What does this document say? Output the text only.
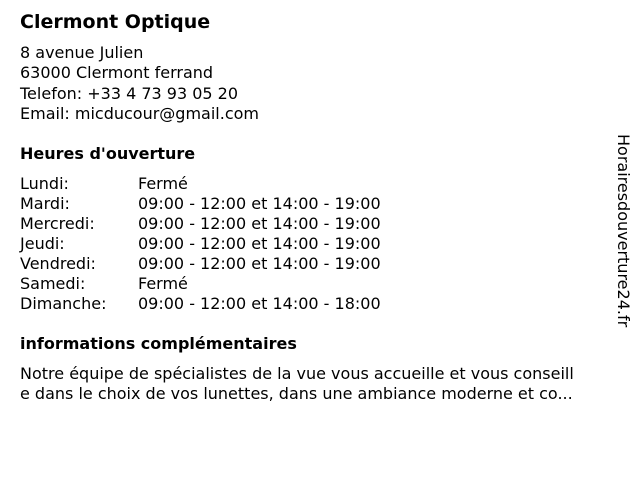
Clermont Optique
8 avenue Julien
63000 Clermont ferrand
Telefon: +33 4 73 93 05 20
Email: micducour@gmail.com
Heures d'ouverture
Lundi:	Fermé
Mardi:	09:00 - 12:00 et 14:00 - 19:00
Mercredi:	09:00 - 12:00 et 14:00 - 19:00
Jeudi:	09:00 - 12:00 et 14:00 - 19:00
Vendredi:	09:00 - 12:00 et 14:00 - 19:00
Samedi:	Fermé
Dimanche: 09:00 - 12:00 et 14:00 - 18:00
informations complémentaires
Notre équipe de spécialistes de la vue vous accueille et vous conseill
e dans le choix de vos lunettes, dans une ambiance moderne et co...
Horairesdouverture24.fr
